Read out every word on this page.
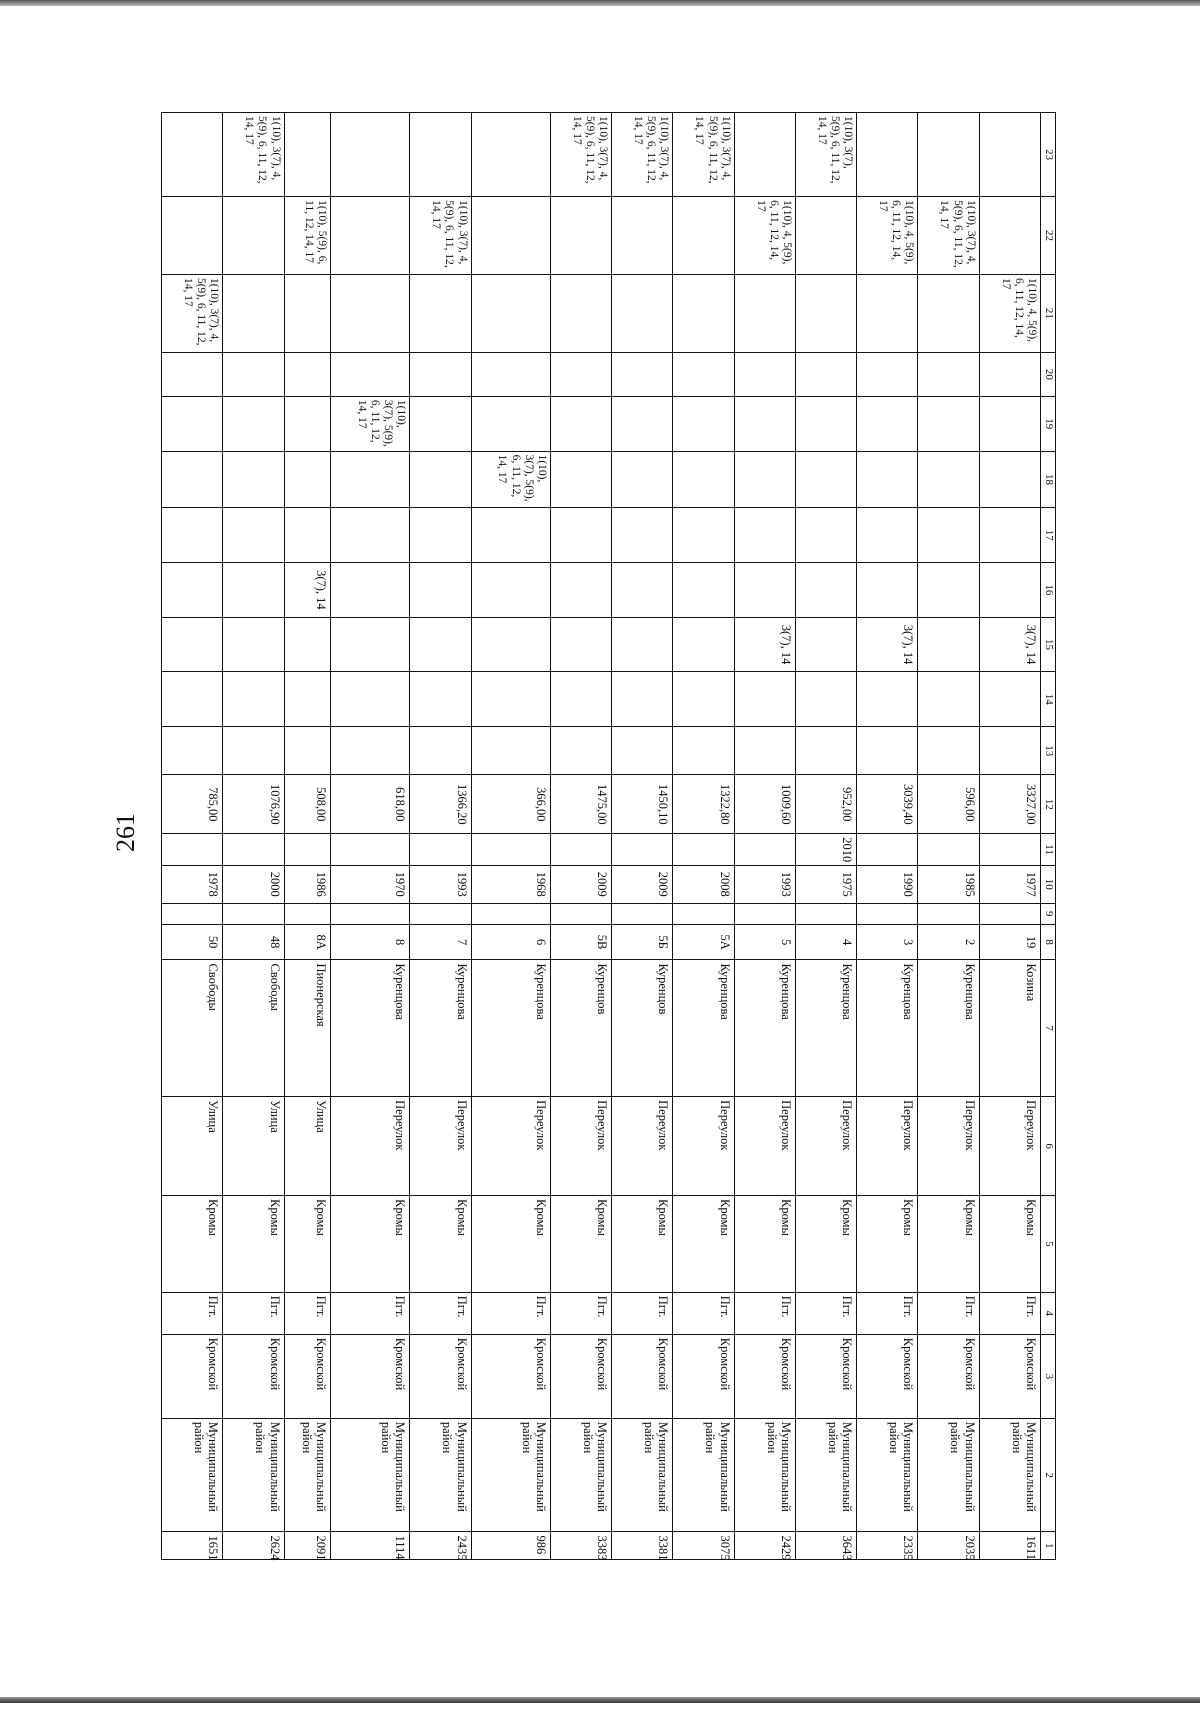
261
23	22	21	20	19	18	17	16	15	14	13	12	11	10	9	8	7	6	5	4	3	2	1
		1(10), 4, 5(9), 6, 11, 12, 14, 17						3(7), 14			3327,00		1977		19	Козина	Переулок	Кромы	Пгт.	Кромской	Муниципальный район	1611
	1(10), 3(7), 4, 5(9), 6, 11, 12, 14, 17										596,00		1985		2	Куренцова	Переулок	Кромы	Пгт.	Кромской	Муниципальный район	2035
	1(10), 4, 5(9), 6, 11, 12, 14, 17							3(7), 14			3039,40		1990		3	Куренцова	Переулок	Кромы	Пгт.	Кромской	Муниципальный район	2335
1(10), 3(7), 5(9), 6, 11, 12, 14, 17											952,00	2010	1975		4	Куренцова	Переулок	Кромы	Пгт.	Кромской	Муниципальный район	3643
	1(10), 4, 5(9), 6, 11, 12, 14, 17							3(7), 14			1009,60		1993		5	Куренцова	Переулок	Кромы	Пгт.	Кромской	Муниципальный район	2429
1(10), 3(7), 4, 5(9), 6, 11, 12, 14, 17											1322,80		2008		5А	Куренцова	Переулок	Кромы	Пгт.	Кромской	Муниципальный район	3075
1(10), 3(7), 4, 5(9), 6, 11, 12, 14, 17											1450,10		2009		5Б	Куренцов	Переулок	Кромы	Пгт.	Кромской	Муниципальный район	3381
1(10), 3(7), 4, 5(9), 6, 11, 12, 14, 17											1475,00		2009		5В	Куренцов	Переулок	Кромы	Пгт.	Кромской	Муниципальный район	3383
					1(10), 3(7), 5(9), 6, 11, 12, 14, 17						366,00		1968		6	Куренцова	Переулок	Кромы	Пгт.	Кромской	Муниципальный район	986
	1(10), 3(7), 4, 5(9), 6, 11, 12, 14, 17										1366,20		1993		7	Куренцова	Переулок	Кромы	Пгт.	Кромской	Муниципальный район	2435
				1(10), 3(7), 5(9), 6, 11, 12, 14, 17							618,00		1970		8	Куренцова	Переулок	Кромы	Пгт.	Кромской	Муниципальный район	1114
	1(10), 5(9), 6, 11, 12, 14, 17						3(7), 14				508,00		1986		8А	Пионерская	Улица	Кромы	Пгт.	Кромской	Муниципальный район	2091
1(10), 3(7), 4, 5(9), 6, 11, 12, 14, 17											1076,90		2000		48	Свободы	Улица	Кромы	Пгт.	Кромской	Муниципальный район	2624
		1(10), 3(7), 4, 5(9), 6, 11, 12, 14, 17									785,00		1978		50	Свободы	Улица	Кромы	Пгт.	Кромской	Муниципальный район	1651
